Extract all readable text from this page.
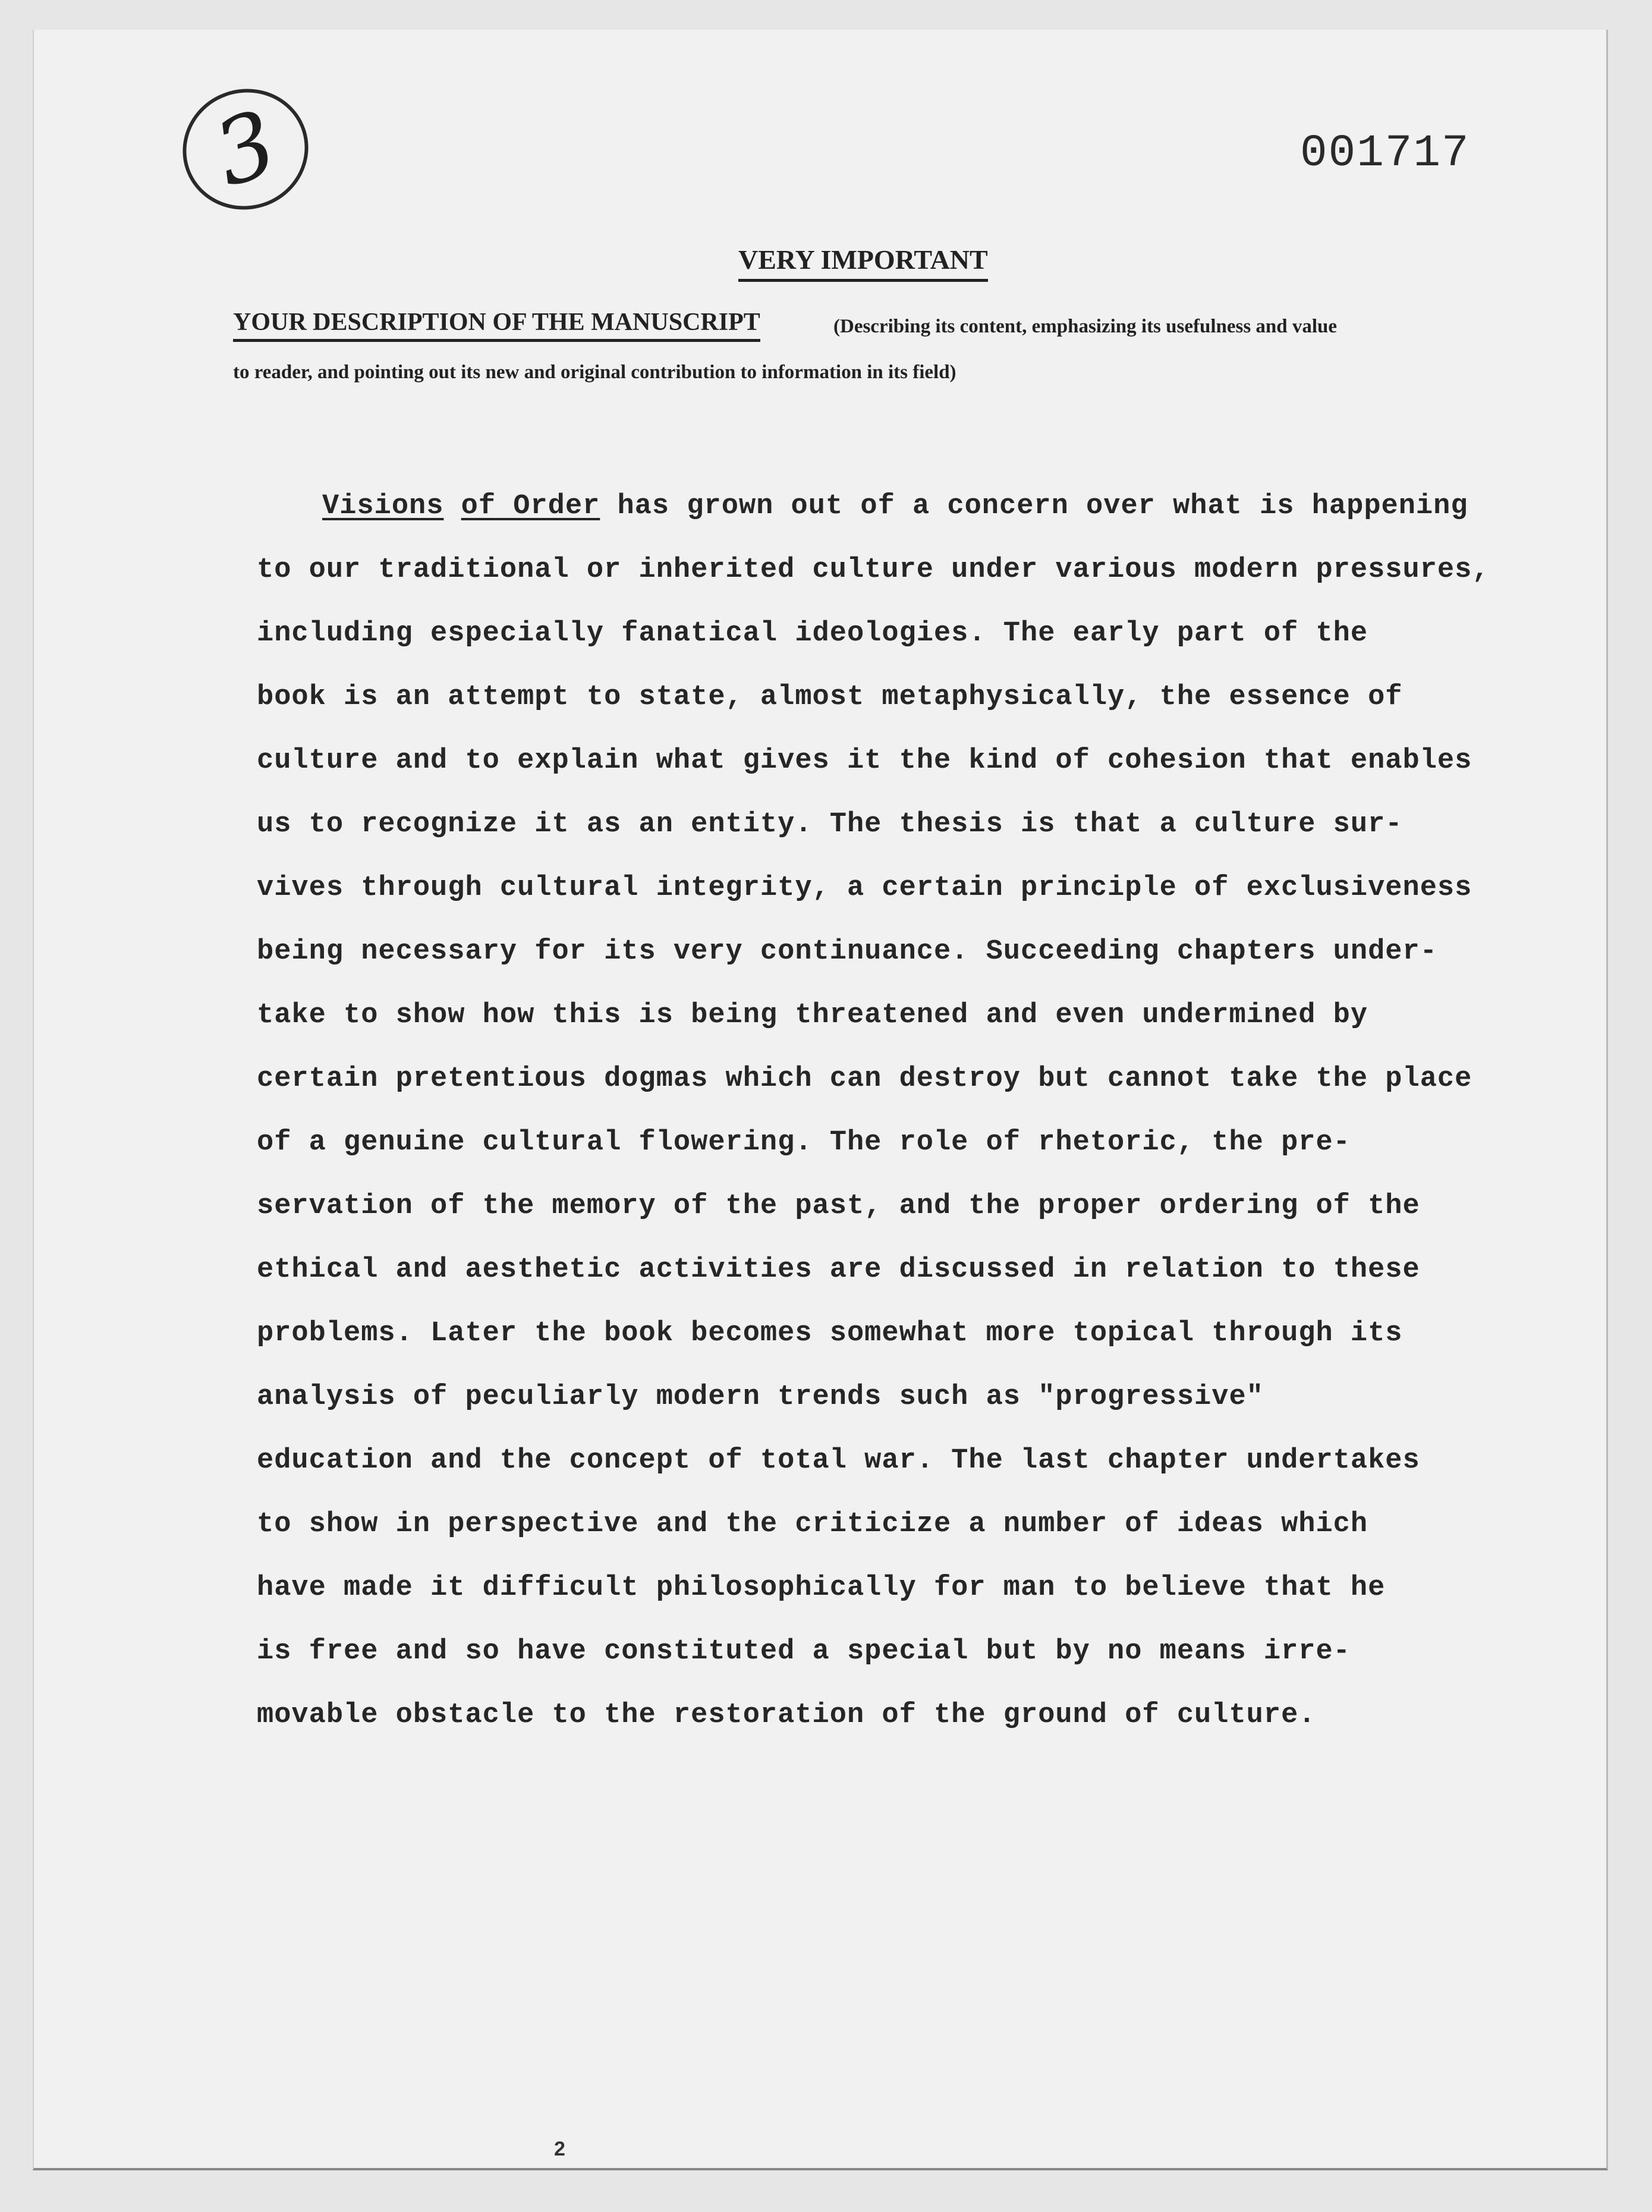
3	001717
VERY IMPORTANT
YOUR DESCRIPTION OF THE MANUSCRIPT	(Describing its content, emphasizing its usefulness and value
to reader, and pointing out its new and original contribution to information in its field)
Visions of Order has grown out of a concern over what is happening
to our traditional or inherited culture under various modern pressures,
including especially fanatical ideologies. The early part of the
book is an attempt to state, almost metaphysically, the essence of
culture and to explain what gives it the kind of cohesion that enables
us to recognize it as an entity. The thesis is that a culture sur-
vives through cultural integrity, a certain principle of exclusiveness
being necessary for its very continuance. Succeeding chapters under-
take to show how this is being threatened and even undermined by
certain pretentious dogmas which can destroy but cannot take the place
of a genuine cultural flowering. The role of rhetoric, the pre-
servation of the memory of the past, and the proper ordering of the
ethical and aesthetic activities are discussed in relation to these
problems. Later the book becomes somewhat more topical through its
analysis of peculiarly modern trends such as "progressive"
education and the concept of total war. The last chapter undertakes
to show in perspective and the criticize a number of ideas which
have made it difficult philosophically for man to believe that he
is free and so have constituted a special but by no means irre-
movable obstacle to the restoration of the ground of culture.
2
